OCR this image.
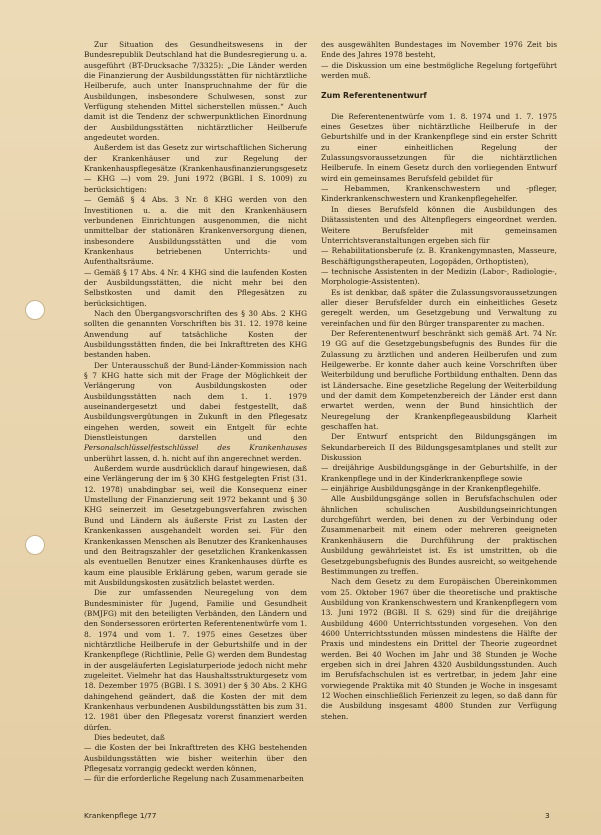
Zur Situation des Gesundheitswesens in der Bundesrepublik Deutschland hat die Bundesregierung u. a. ausgeführt (BT-Drucksache 7/3325): „Die Länder werden die Finanzierung der Ausbildungsstätten für nichtärztliche Heilberufe, auch unter Inanspruchnahme der für die Ausbildungen, insbesondere Schulwesen, sonst zur Verfügung stehenden Mittel sicherstellen müssen.“ Auch damit ist die Tendenz der schwerpunktlichen Einordnung der Ausbildungsstätten nichtärztlicher Heilberufe angedeutet worden.

Außerdem ist das Gesetz zur wirtschaftlichen Sicherung der Krankenhäuser und zur Regelung der Krankenhauspflegesätze (Krankenhausfinanzierungsgesetz — KHG —) vom 29. Juni 1972 (BGBl. I S. 1009) zu berücksichtigen:

— Gemäß § 4 Abs. 3 Nr. 8 KHG werden von den Investitionen u. a. die mit den Krankenhäusern verbundenen Einrichtungen ausgenommen, die nicht unmittelbar der stationären Krankenversorgung dienen, insbesondere Ausbildungsstätten und die vom Krankenhaus betriebenen Unterrichts- und Aufenthaltsräume.

— Gemäß § 17 Abs. 4 Nr. 4 KHG sind die laufenden Kosten der Ausbildungsstätten, die nicht mehr bei den Selbstkosten und damit den Pflegesätzen zu berücksichtigen.

Nach den Übergangsvorschriften des § 30 Abs. 2 KHG sollten die genannten Vorschriften bis 31. 12. 1978 keine Anwendung auf tatsächliche Kosten der Ausbildungsstätten finden, die bei Inkrafttreten des KHG bestanden haben.

Der Unterausschuß der Bund-Länder-Kommission nach § 7 KHG hatte sich mit der Frage der Möglichkeit der Verlängerung von Ausbildungskosten oder Ausbildungsstätten nach dem 1. 1. 1979 auseinandergesetzt und dabei festgestellt, daß Ausbildungsvergütungen in Zukunft in den Pflegesatz eingehen werden, soweit ein Entgelt für echte Dienstleistungen darstellen und den Personalschlüsselfestschlüssel des Krankenhauses unberührt lassen, d. h. nicht auf ihn angerechnet werden.

Außerdem wurde ausdrücklich darauf hingewiesen, daß eine Verlängerung der im § 30 KHG festgelegten Frist (31. 12. 1978) unabdingbar sei, weil die Konsequenz einer Umstellung der Finanzierung seit 1972 bekannt und § 30 KHG seinerzeit im Gesetzgebungsverfahren zwischen Bund und Ländern als äußerste Frist zu Lasten der Krankenkassen ausgehandelt worden sei. Für den Krankenkassen Menschen als Benutzer des Krankenhauses und den Beitragszahler der gesetzlichen Krankenkassen als eventuellen Benutzer eines Krankenhauses dürfte es kaum eine plausible Erklärung geben, warum gerade sie mit Ausbildungskosten zusätzlich belastet werden.

Die zur umfassenden Neuregelung von dem Bundesminister für Jugend, Familie und Gesundheit (BMJFG) mit den beteiligten Verbänden, den Ländern und den Sondersessoren erörterten Referentenentwürfe vom 1. 8. 1974 und vom 1. 7. 1975 eines Gesetzes über nichtärztliche Heilberufe in der Geburtshilfe und in der Krankenpflege (Richtlinie, Pelle G) werden dem Bundestag in der ausgeläuferten Legislaturperiode jedoch nicht mehr zugeleitet. Vielmehr hat das Haushaltsstrukturgesetz vom 18. Dezember 1975 (BGBl. I S. 3091) der § 30 Abs. 2 KHG dahingehend geändert, daß die Kosten der mit dem Krankenhaus verbundenen Ausbildungsstätten bis zum 31. 12. 1981 über den Pflegesatz vorerst finanziert werden dürfen.

Dies bedeutet, daß

— die Kosten der bei Inkrafttreten des KHG bestehenden Ausbildungsstätten wie bisher weiterhin über den Pflegesatz vorrangig gedeckt werden können,

— für die erforderliche Regelung nach Zusammenarbeiten

des ausgewählten Bundestages im November 1976 Zeit bis Ende des Jahres 1978 besteht,

— die Diskussion um eine bestmögliche Regelung fortgeführt werden muß.

Zum Referentenentwurf

Die Referentenentwürfe vom 1. 8. 1974 und 1. 7. 1975 eines Gesetzes über nichtärztliche Heilberufe in der Geburtshilfe und in der Krankenpflege sind ein erster Schritt zu einer einheitlichen Regelung der Zulassungsvoraussetzungen für die nichtärztlichen Heilberufe. In einem Gesetz durch den vorliegenden Entwurf wird ein gemeinsames Berufsfeld gebildet für

— Hebammen, Krankenschwestern und -pfleger, Kinderkrankenschwestern und Krankenpflegehelfer.

In dieses Berufsfeld können die Ausbildungen des Diätassistenten und des Altenpflegers eingeordnet werden. Weitere Berufsfelder mit gemeinsamen Unterrichtsveranstaltungen ergeben sich für

— Rehabilitationsberufe (z. B. Krankengymnasten, Masseure, Beschäftigungstherapeuten, Logopäden, Orthoptisten),

— technische Assistenten in der Medizin (Labor-, Radiologie-, Morphologie-Assistenten).

Es ist denkbar, daß später die Zulassungsvoraussetzungen aller dieser Berufsfelder durch ein einheitliches Gesetz geregelt werden, um Gesetzgebung und Verwaltung zu vereinfachen und für den Bürger transparenter zu machen.

Der Referentenentwurf beschränkt sich gemäß Art. 74 Nr. 19 GG auf die Gesetzgebungsbefugnis des Bundes für die Zulassung zu ärztlichen und anderen Heilberufen und zum Heilgewerbe. Er konnte daher auch keine Vorschriften über Weiterbildung und berufliche Fortbildung enthalten. Denn das ist Ländersache. Eine gesetzliche Regelung der Weiterbildung und der damit dem Kompetenzbereich der Länder erst dann erwartet werden, wenn der Bund hinsichtlich der Neuregelung der Krankenpflegeausbildung Klarheit geschaffen hat.

Der Entwurf entspricht den Bildungsgängen im Sekundarbereich II des Bildungsgesamtplanes und stellt zur Diskussion

— dreijährige Ausbildungsgänge in der Geburtshilfe, in der Krankenpflege und in der Kinderkrankenpflege sowie

— einjährige Ausbildungsgänge in der Krankenpflegehilfe.

Alle Ausbildungsgänge sollen in Berufsfachschulen oder ähnlichen schulischen Ausbildungseinrichtungen durchgeführt werden, bei denen zu der Verbindung oder Zusammenarbeit mit einem oder mehreren geeigneten Krankenhäusern die Durchführung der praktischen Ausbildung gewährleistet ist. Es ist umstritten, ob die Gesetzgebungsbefugnis des Bundes ausreicht, so weitgehende Bestimmungen zu treffen.

Nach dem Gesetz zu dem Europäischen Übereinkommen vom 25. Oktober 1967 über die theoretische und praktische Ausbildung von Krankenschwestern und Krankenpflegern vom 13. Juni 1972 (BGBl. II S. 629) sind für die dreijährige Ausbildung 4600 Unterrichtsstunden vorgesehen. Von den 4600 Unterrichtsstunden müssen mindestens die Hälfte der Praxis und mindestens ein Drittel der Theorie zugeordnet werden. Bei 40 Wochen im Jahr und 38 Stunden je Woche ergeben sich in drei Jahren 4320 Ausbildungsstunden. Auch im Berufsfachschulen ist es vertretbar, in jedem Jahr eine vorwiegende Praktika mit 40 Stunden je Woche in insgesamt 12 Wochen einschließlich Ferienzeit zu legen, so daß dann für die Ausbildung insgesamt 4800 Stunden zur Verfügung stehen.

Krankenpflege 1/77	3
